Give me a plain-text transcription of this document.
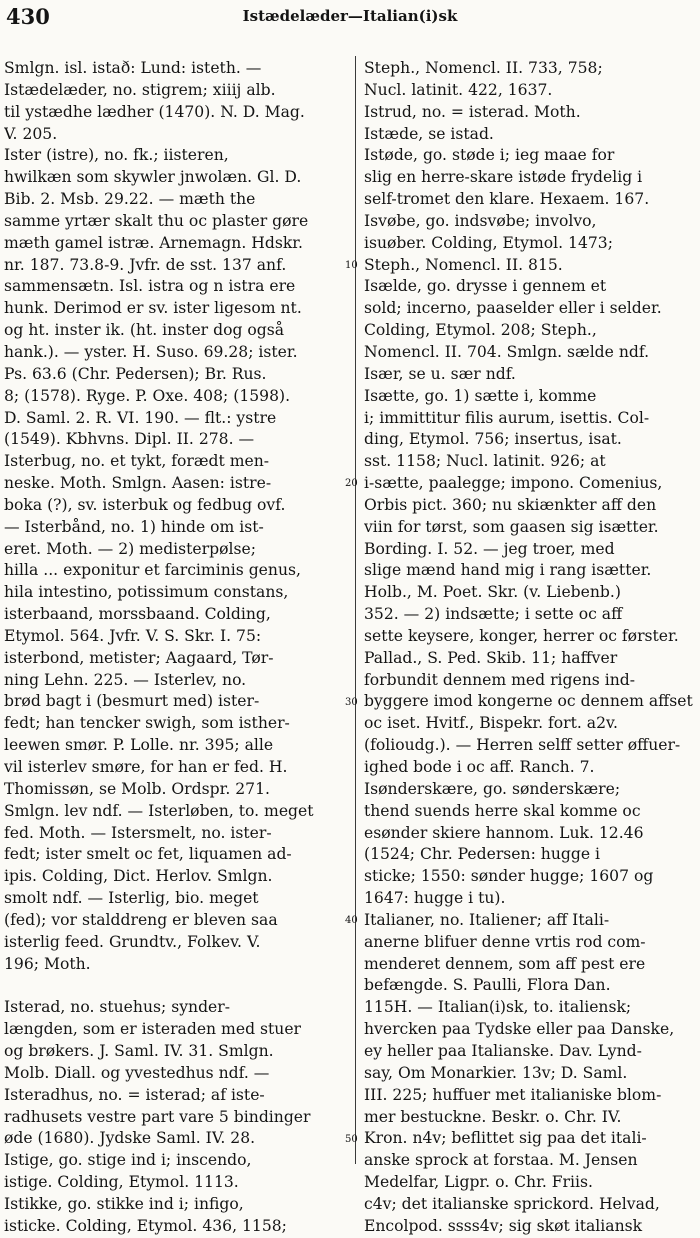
430	Istædelæder—Italian(i)sk
Smlgn. isl. istað: Lund: isteth. —
Istædelæder, no. stigrem; xiiij alb.
til ystædhe lædher (1470). N. D. Mag.
V. 205.
Ister (istre), no. fk.; iisteren,
hwilkæn som skywler jnwolæn. Gl. D.
Bib. 2. Msb. 29.22. — mæth the
samme yrtær skalt thu oc plaster gøre
mæth gamel istræ. Arnemagn. Hdskr.
nr. 187. 73.8-9. Jvfr. de sst. 137 anf.
sammensætn. Isl. istra og n istra ere
hunk. Derimod er sv. ister ligesom nt.
og ht. inster ik. (ht. inster dog også
hank.). — yster. H. Suso. 69.28; ister.
Ps. 63.6 (Chr. Pedersen); Br. Rus.
8; (1578). Ryge. P. Oxe. 408; (1598).
D. Saml. 2. R. VI. 190. — flt.: ystre
(1549). Kbhvns. Dipl. II. 278. —
Isterbug, no. et tykt, forædt men-
neske. Moth. Smlgn. Aasen: istre-
boka (?), sv. isterbuk og fedbug ovf.
— Isterbånd, no. 1) hinde om ist-
eret. Moth. — 2) medisterpølse;
hilla ... exponitur et farciminis genus,
hila intestino, potissimum constans,
isterbaand, morssbaand. Colding,
Etymol. 564. Jvfr. V. S. Skr. I. 75:
isterbond, metister; Aagaard, Tør-
ning Lehn. 225. — Isterlev, no.
brød bagt i (besmurt med) ister-
fedt; han tencker swigh, som isther-
leewen smør. P. Lolle. nr. 395; alle
vil isterlev smøre, for han er fed. H.
Thomissøn, se Molb. Ordspr. 271.
Smlgn. lev ndf. — Isterløben, to. meget
fed. Moth. — Istersmelt, no. ister-
fedt; ister smelt oc fet, liquamen ad-
ipis. Colding, Dict. Herlov. Smlgn.
smolt ndf. — Isterlig, bio. meget
(fed); vor stalddreng er bleven saa
isterlig feed. Grundtv., Folkev. V.
196; Moth.
Isterad, no. stuehus; synder-
længden, som er isteraden med stuer
og brøkers. J. Saml. IV. 31. Smlgn.
Molb. Diall. og yvestedhus ndf. —
Isteradhus, no. = isterad; af iste-
radhusets vestre part vare 5 bindinger
øde (1680). Jydske Saml. IV. 28.
Istige, go. stige ind i; inscendo,
istige. Colding, Etymol. 1113.
Istikke, go. stikke ind i; infigo,
isticke. Colding, Etymol. 436, 1158;
10
20
30
40
50
Steph., Nomencl. II. 733, 758;
Nucl. latinit. 422, 1637.
Istrud, no. = isterad. Moth.
Istæde, se istad.
Istøde, go. støde i; ieg maae for
slig en herre-skare istøde frydelig i
self-tromet den klare. Hexaem. 167.
Isvøbe, go. indsvøbe; involvo,
isuøber. Colding, Etymol. 1473;
Steph., Nomencl. II. 815.
Isælde, go. drysse i gennem et
sold; incerno, paaselder eller i selder.
Colding, Etymol. 208; Steph.,
Nomencl. II. 704. Smlgn. sælde ndf.
Især, se u. sær ndf.
Isætte, go. 1) sætte i, komme
i; immittitur filis aurum, isettis. Col-
ding, Etymol. 756; insertus, isat.
sst. 1158; Nucl. latinit. 926; at
i-sætte, paalegge; impono. Comenius,
Orbis pict. 360; nu skiænkter aff den
viin for tørst, som gaasen sig isætter.
Bording. I. 52. — jeg troer, med
slige mænd hand mig i rang isætter.
Holb., M. Poet. Skr. (v. Liebenb.)
352. — 2) indsætte; i sette oc aff
sette keysere, konger, herrer oc førster.
Pallad., S. Ped. Skib. 11; haffver
forbundit dennem med rigens ind-
byggere imod kongerne oc dennem affset
oc iset. Hvitf., Bispekr. fort. a2v.
(folioudg.). — Herren selff setter øffuer-
ighed bode i oc aff. Ranch. 7.
Isønderskære, go. sønderskære;
thend suends herre skal komme oc
esønder skiere hannom. Luk. 12.46
(1524; Chr. Pedersen: hugge i
sticke; 1550: sønder hugge; 1607 og
1647: hugge i tu).
Italianer, no. Italiener; aff Itali-
anerne blifuer denne vrtis rod com-
menderet dennem, som aff pest ere
befængde. S. Paulli, Flora Dan.
115H. — Italian(i)sk, to. italiensk;
hvercken paa Tydske eller paa Danske,
ey heller paa Italianske. Dav. Lynd-
say, Om Monarkier. 13v; D. Saml.
III. 225; huffuer met italianiske blom-
mer bestuckne. Beskr. o. Chr. IV.
Kron. n4v; beflittet sig paa det itali-
anske sprock at forstaa. M. Jensen
Medelfar, Ligpr. o. Chr. Friis.
c4v; det italianske sprickord. Helvad,
Encolpod. ssss4v; sig skøt italiansk
